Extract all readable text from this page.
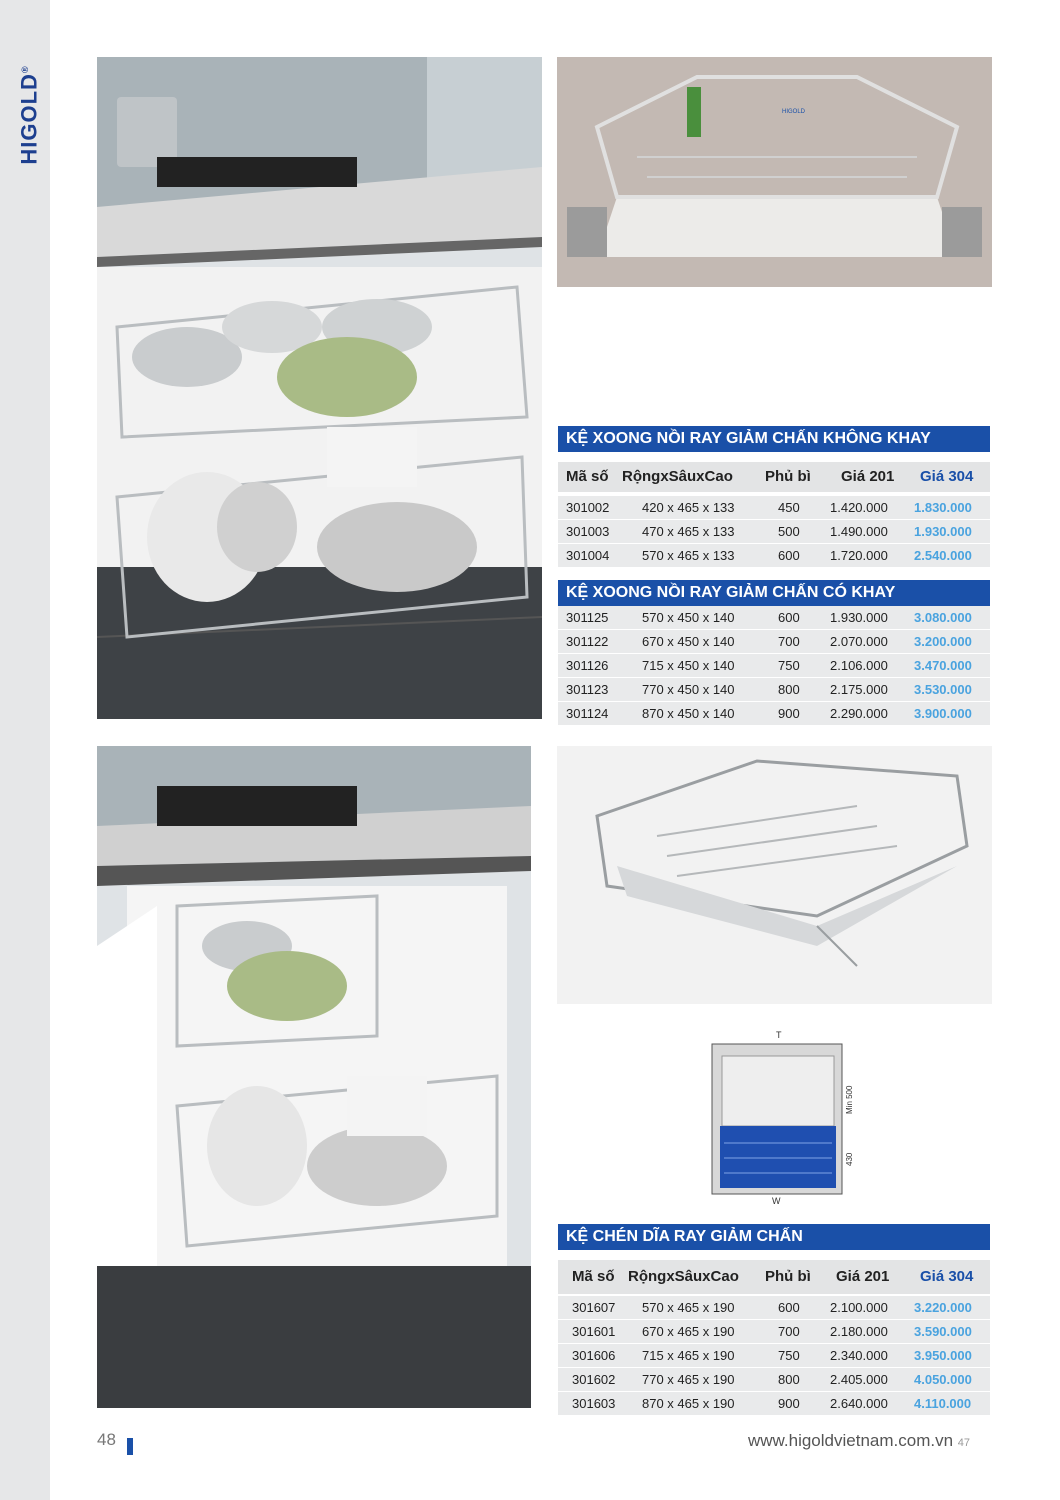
HIGOLD®
HIGOLD
T
Min 500
430
W
KỆ XOONG NỒI RAY GIẢM CHẤN KHÔNG KHAY
Mã số RộngxSâuxCao Phủ bì Giá 201 Giá 304
301002	420 x 465 x 133	450 1.420.000 1.830.000
301003	470 x 465 x 133	500 1.490.000 1.930.000
301004	570 x 465 x 133	600 1.720.000 2.540.000
KỆ XOONG NỒI RAY GIẢM CHẤN CÓ KHAY
301125	570 x 450 x 140	600 1.930.000 3.080.000
301122	670 x 450 x 140	700 2.070.000 3.200.000
301126	715 x 450 x 140	750 2.106.000 3.470.000
301123	770 x 450 x 140	800 2.175.000 3.530.000
301124	870 x 450 x 140	900 2.290.000 3.900.000
KỆ CHÉN DĨA RAY GIẢM CHẤN
Mã số RộngxSâuxCao Phủ bì Giá 201 Giá 304
301607 570 x 465 x 190	600 2.100.000 3.220.000
301601 670 x 465 x 190	700 2.180.000 3.590.000
301606 715 x 465 x 190	750 2.340.000 3.950.000
301602 770 x 465 x 190	800 2.405.000 4.050.000
301603 870 x 465 x 190	900 2.640.000 4.110.000
48	www.higoldvietnam.com.vn 47
